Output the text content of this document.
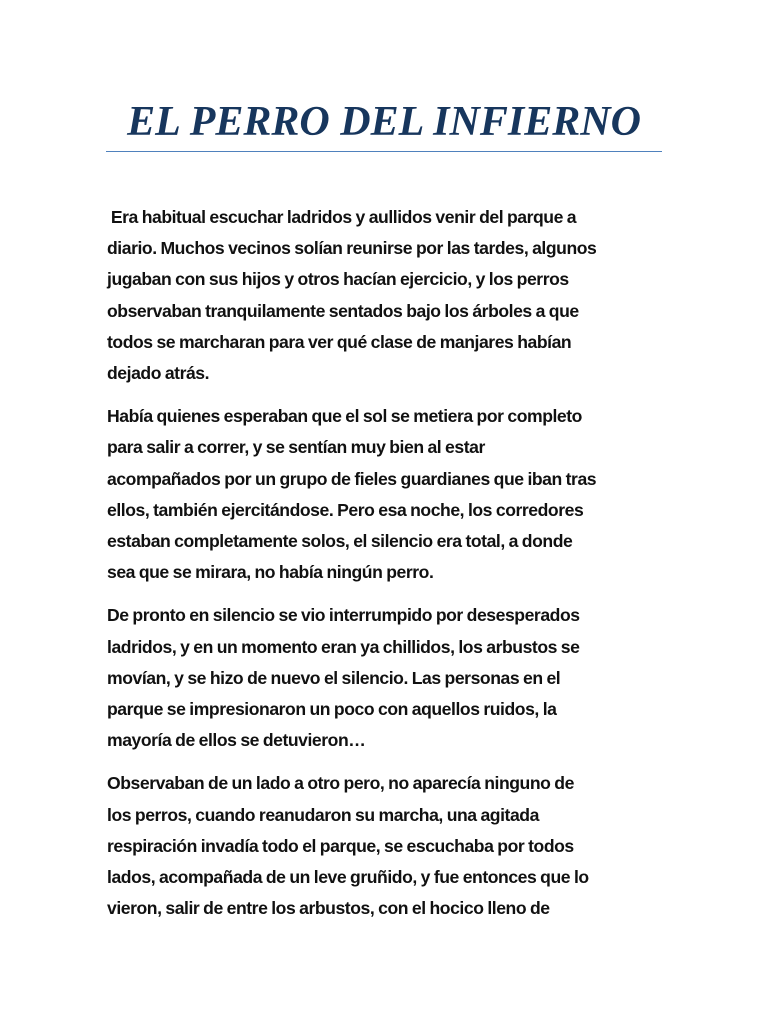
EL PERRO DEL INFIERNO

Era habitual escuchar ladridos y aullidos venir del parque a
diario. Muchos vecinos solían reunirse por las tardes, algunos
jugaban con sus hijos y otros hacían ejercicio, y los perros
observaban tranquilamente sentados bajo los árboles a que
todos se marcharan para ver qué clase de manjares habían
dejado atrás.

Había quienes esperaban que el sol se metiera por completo
para salir a correr, y se sentían muy bien al estar
acompañados por un grupo de fieles guardianes que iban tras
ellos, también ejercitándose. Pero esa noche, los corredores
estaban completamente solos, el silencio era total, a donde
sea que se mirara, no había ningún perro.

De pronto en silencio se vio interrumpido por desesperados
ladridos, y en un momento eran ya chillidos, los arbustos se
movían, y se hizo de nuevo el silencio. Las personas en el
parque se impresionaron un poco con aquellos ruidos, la
mayoría de ellos se detuvieron…

Observaban de un lado a otro pero, no aparecía ninguno de
los perros, cuando reanudaron su marcha, una agitada
respiración invadía todo el parque, se escuchaba por todos
lados, acompañada de un leve gruñido, y fue entonces que lo
vieron, salir de entre los arbustos, con el hocico lleno de
